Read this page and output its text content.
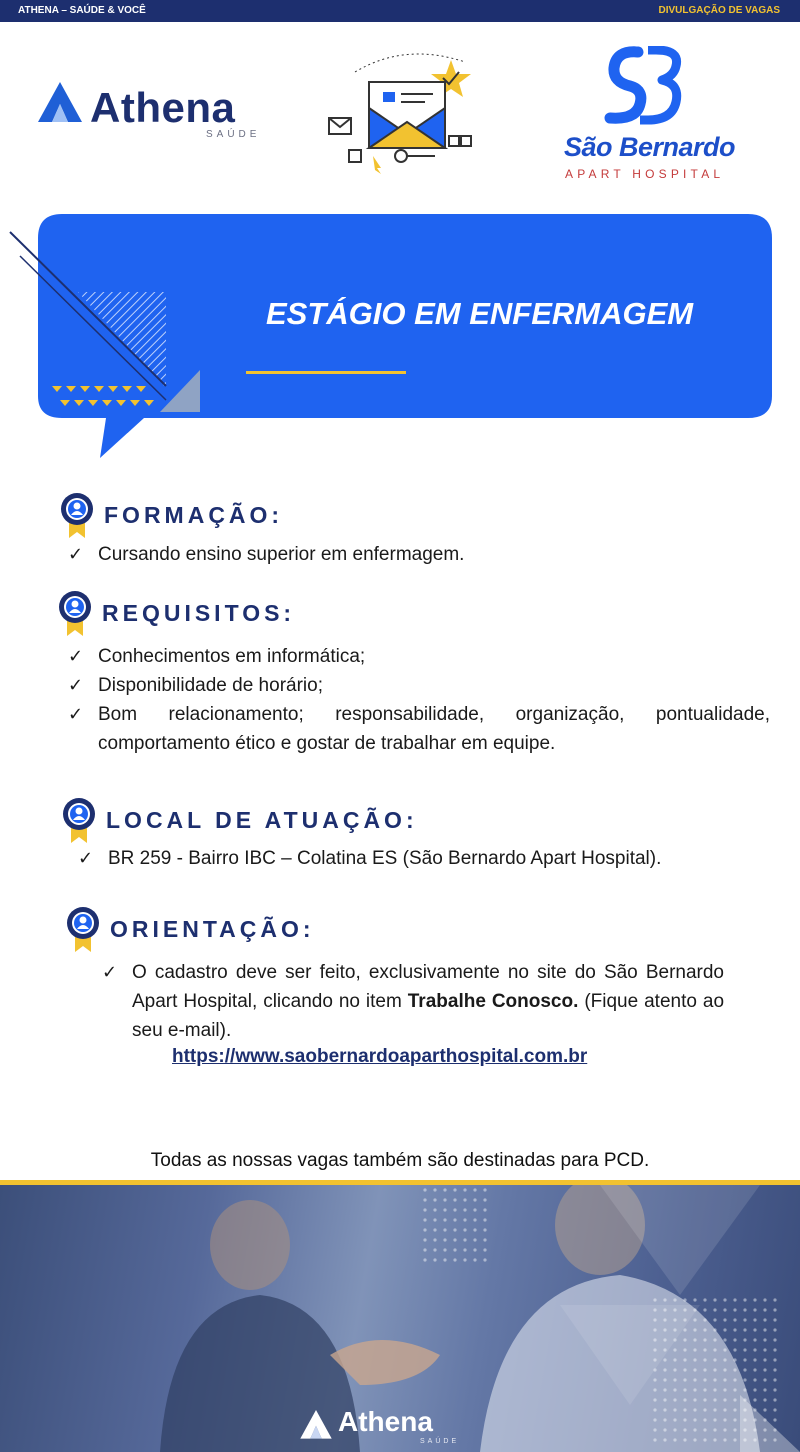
ATHENA – SAÚDE & VOCÊ	DIVULGAÇÃO DE VAGAS
Athena
SAÚDE	São Bernardo
APART HOSPITAL
ESTÁGIO EM ENFERMAGEM
FORMAÇÃO:
✓ Cursando ensino superior em enfermagem.
REQUISITOS:
✓ Conhecimentos em informática;
✓ Disponibilidade de horário;
✓ Bom relacionamento; responsabilidade, organização, pontualidade, comportamento ético e gostar de trabalhar em equipe.
LOCAL DE ATUAÇÃO:
✓ BR 259 - Bairro IBC – Colatina ES (São Bernardo Apart Hospital).
ORIENTAÇÃO:
✓ O cadastro deve ser feito, exclusivamente no site do São Bernardo Apart Hospital, clicando no item Trabalhe Conosco. (Fique atento ao seu e-mail).
https://www.saobernardoaparthospital.com.br
Todas as nossas vagas também são destinadas para PCD.
Athena
SAÚDE
